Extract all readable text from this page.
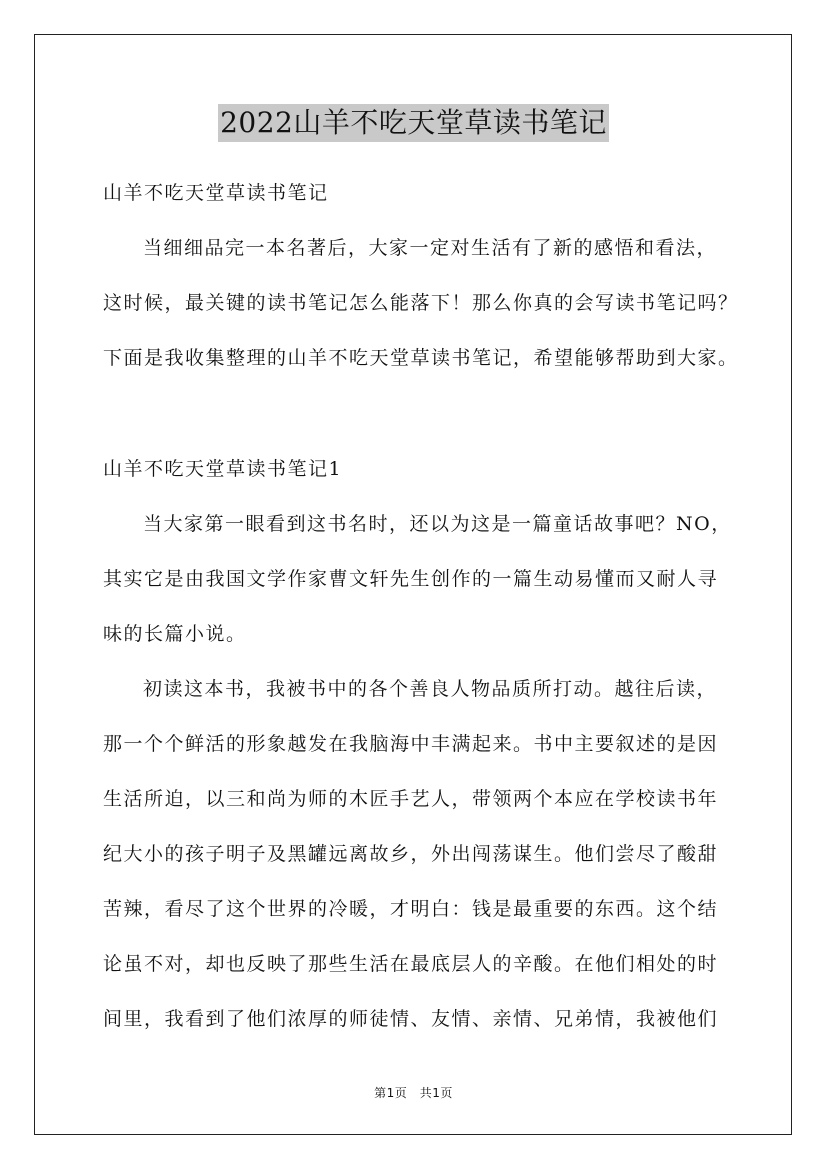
2022山羊不吃天堂草读书笔记
山羊不吃天堂草读书笔记
当细细品完一本名著后，大家一定对生活有了新的感悟和看法，
这时候，最关键的读书笔记怎么能落下！那么你真的会写读书笔记吗？
下面是我收集整理的山羊不吃天堂草读书笔记，希望能够帮助到大家。
山羊不吃天堂草读书笔记1
当大家第一眼看到这书名时，还以为这是一篇童话故事吧？NO，
其实它是由我国文学作家曹文轩先生创作的一篇生动易懂而又耐人寻
味的长篇小说。
初读这本书，我被书中的各个善良人物品质所打动。越往后读，
那一个个鲜活的形象越发在我脑海中丰满起来。书中主要叙述的是因
生活所迫，以三和尚为师的木匠手艺人，带领两个本应在学校读书年
纪大小的孩子明子及黑罐远离故乡，外出闯荡谋生。他们尝尽了酸甜
苦辣，看尽了这个世界的冷暖，才明白：钱是最重要的东西。这个结
论虽不对，却也反映了那些生活在最底层人的辛酸。在他们相处的时
间里，我看到了他们浓厚的师徒情、友情、亲情、兄弟情，我被他们
第1页　共1页
